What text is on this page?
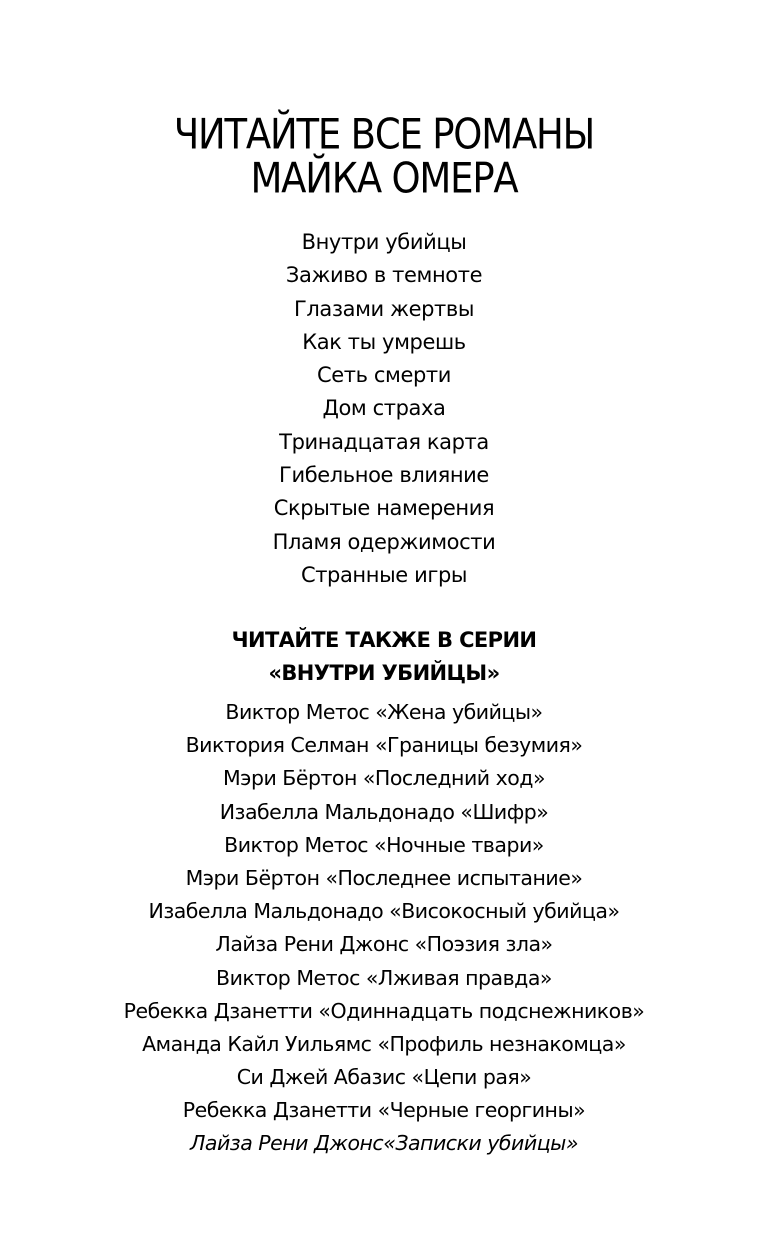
ЧИТАЙТЕ ВСЕ РОМАНЫ
МАЙКА ОМЕРА
Внутри убийцы
Заживо в темноте
Глазами жертвы
Как ты умрешь
Сеть смерти
Дом страха
Тринадцатая карта
Гибельное влияние
Скрытые намерения
Пламя одержимости
Странные игры
ЧИТАЙТЕ ТАКЖЕ В СЕРИИ
«ВНУТРИ УБИЙЦЫ»
Виктор Метос «Жена убийцы»
Виктория Селман «Границы безумия»
Мэри Бёртон «Последний ход»
Изабелла Мальдонадо «Шифр»
Виктор Метос «Ночные твари»
Мэри Бёртон «Последнее испытание»
Изабелла Мальдонадо «Високосный убийца»
Лайза Рени Джонс «Поэзия зла»
Виктор Метос «Лживая правда»
Ребекка Дзанетти «Одиннадцать подснежников»
Аманда Кайл Уильямс «Профиль незнакомца»
Си Джей Абазис «Цепи рая»
Ребекка Дзанетти «Черные георгины»
Лайза Рени Джонс«Записки убийцы»
